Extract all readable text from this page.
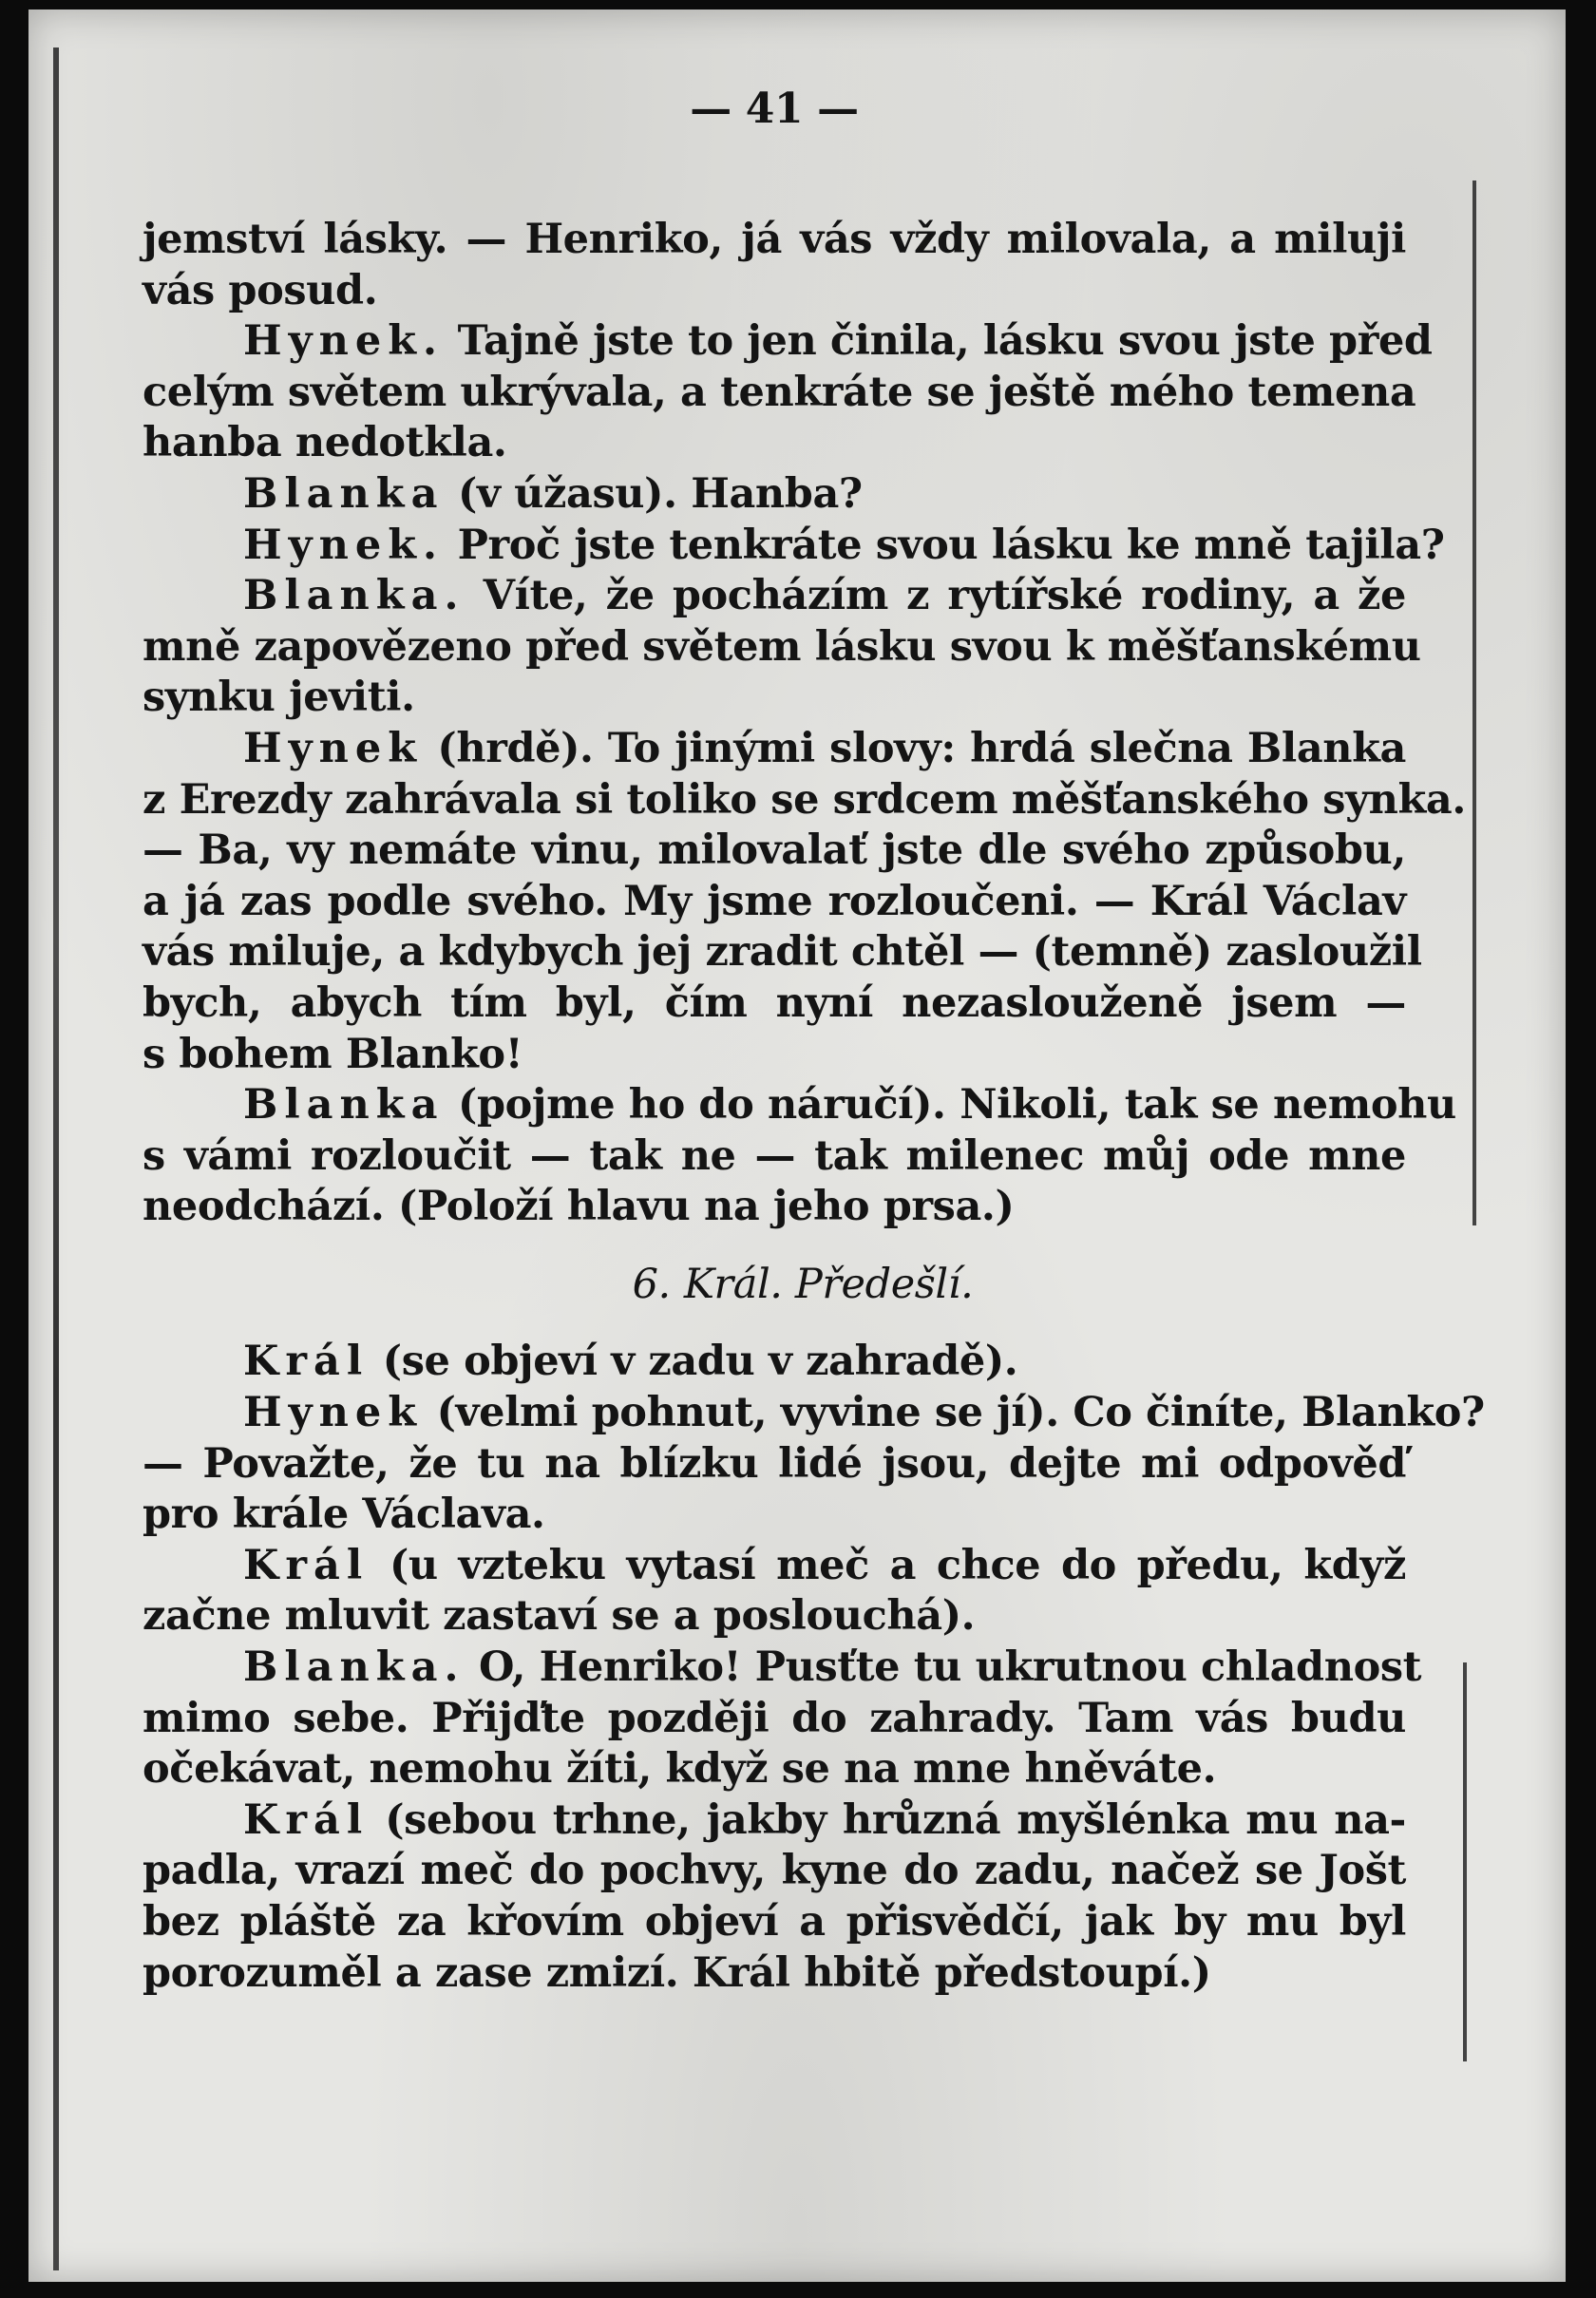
— 41 —
jemství lásky. — Henriko, já vás vždy milovala, a miluji
vás posud.
Hynek. Tajně jste to jen činila, lásku svou jste před
celým světem ukrývala, a tenkráte se ještě mého temena
hanba nedotkla.
Blanka (v úžasu). Hanba?
Hynek. Proč jste tenkráte svou lásku ke mně tajila?
Blanka. Víte, že pocházím z rytířské rodiny, a že
mně zapovězeno před světem lásku svou k měšťanskému
synku jeviti.
Hynek (hrdě). To jinými slovy: hrdá slečna Blanka
z Erezdy zahrávala si toliko se srdcem měšťanského synka.
— Ba, vy nemáte vinu, milovalať jste dle svého způsobu,
a já zas podle svého. My jsme rozloučeni. — Král Václav
vás miluje, a kdybych jej zradit chtěl — (temně) zasloužil
bych, abych tím byl, čím nyní nezaslouženě jsem —
s bohem Blanko!
Blanka (pojme ho do náručí). Nikoli, tak se nemohu
s vámi rozloučit — tak ne — tak milenec můj ode mne
neodchází. (Položí hlavu na jeho prsa.)
6. Král. Předešlí.
Král (se objeví v zadu v zahradě).
Hynek (velmi pohnut, vyvine se jí). Co činíte, Blanko?
— Považte, že tu na blízku lidé jsou, dejte mi odpověď
pro krále Václava.
Král (u vzteku vytasí meč a chce do předu, když
začne mluvit zastaví se a poslouchá).
Blanka. O, Henriko! Pusťte tu ukrutnou chladnost
mimo sebe. Přijďte později do zahrady. Tam vás budu
očekávat, nemohu žíti, když se na mne hněváte.
Král (sebou trhne, jakby hrůzná myšlénka mu na-
padla, vrazí meč do pochvy, kyne do zadu, načež se Jošt
bez pláště za křovím objeví a přisvědčí, jak by mu byl
porozuměl a zase zmizí. Král hbitě předstoupí.)
